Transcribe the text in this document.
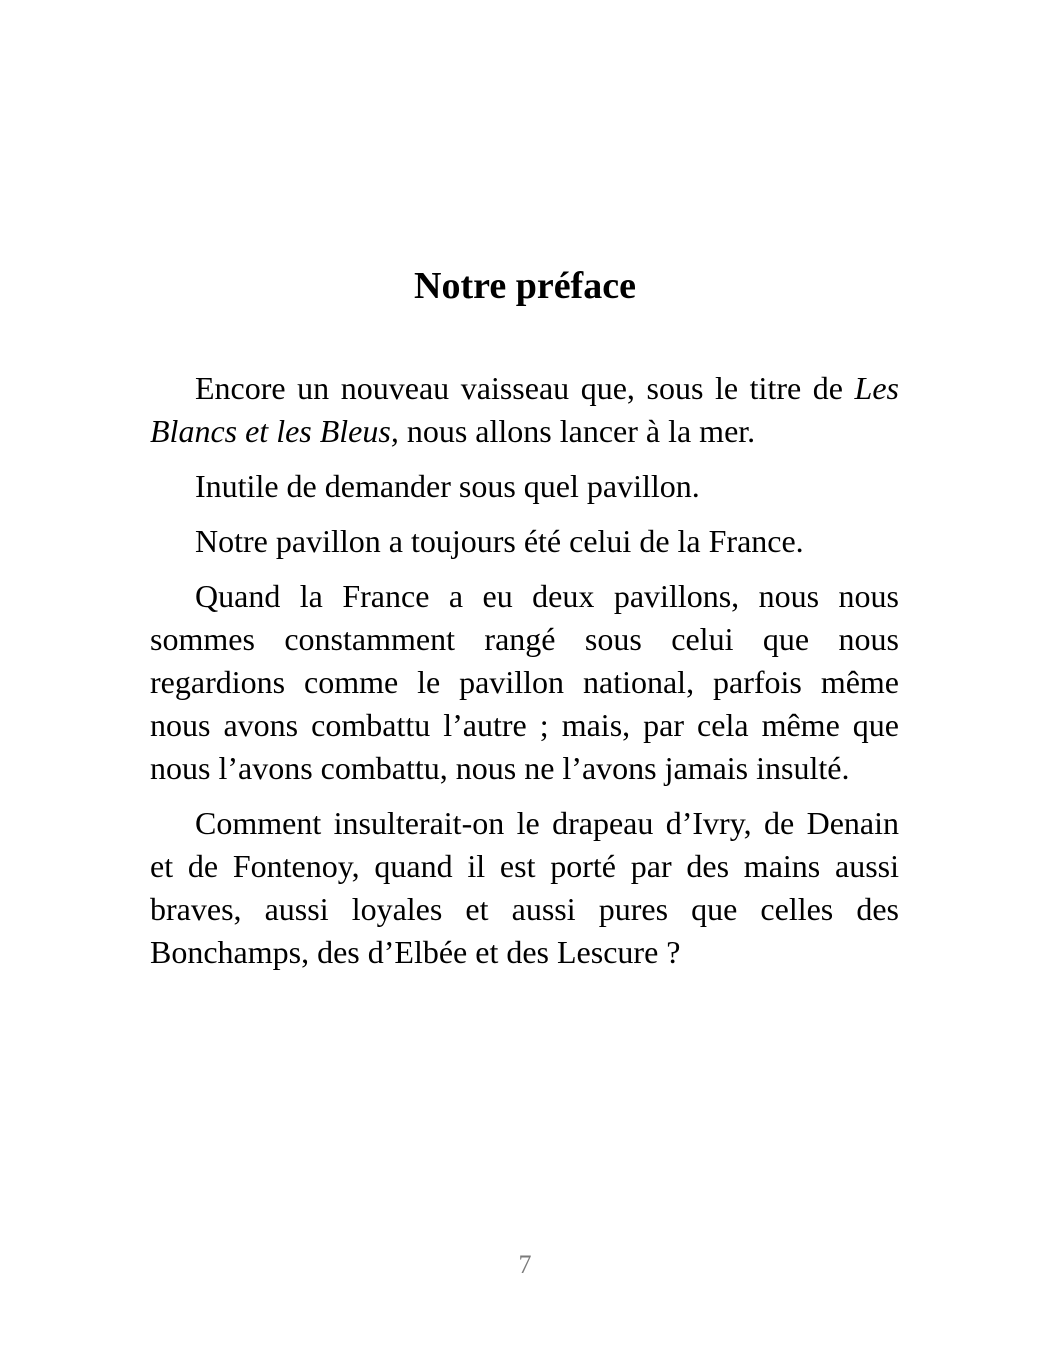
Notre préface

Encore un nouveau vaisseau que, sous le titre de Les Blancs et les Bleus, nous allons lancer à la mer.

Inutile de demander sous quel pavillon.

Notre pavillon a toujours été celui de la France.

Quand la France a eu deux pavillons, nous nous sommes constamment rangé sous celui que nous regardions comme le pavillon national, parfois même nous avons combattu l’autre ; mais, par cela même que nous l’avons combattu, nous ne l’avons jamais insulté.

Comment insulterait-on le drapeau d’Ivry, de Denain et de Fontenoy, quand il est porté par des mains aussi braves, aussi loyales et aussi pures que celles des Bonchamps, des d’Elbée et des Lescure ?

7
